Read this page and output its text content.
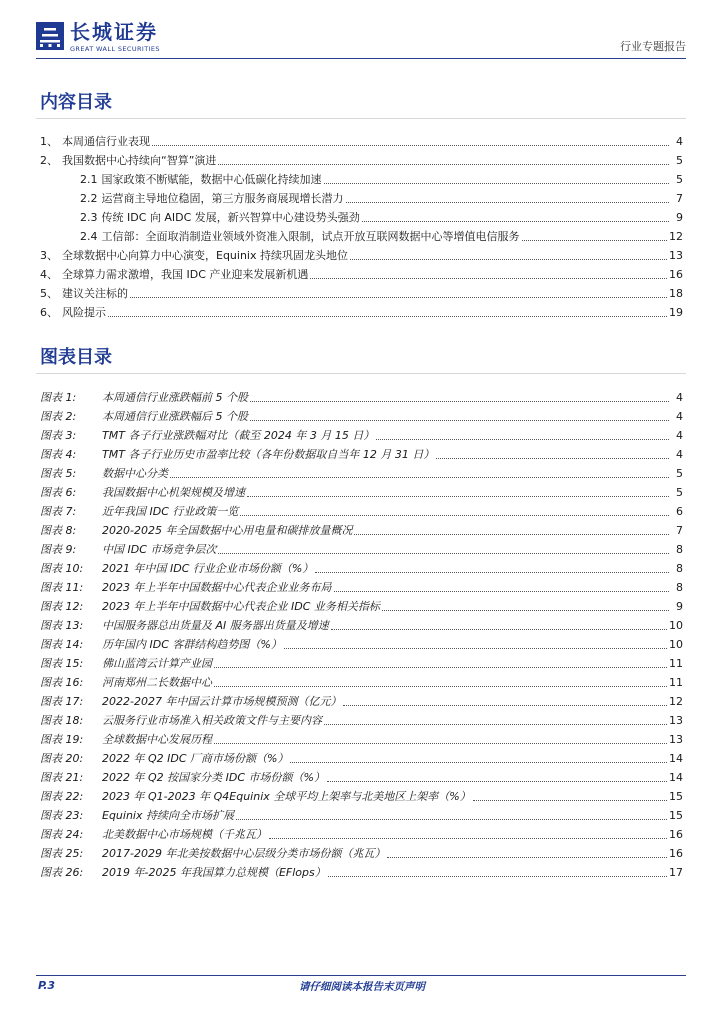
长城证券
GREAT WALL SECURITIES	行业专题报告
内容目录
1、 本周通信行业表现	4
2、 我国数据中心持续向“智算”演进	5
2.1 国家政策不断赋能，数据中心低碳化持续加速	5
2.2 运营商主导地位稳固，第三方服务商展现增长潜力	7
2.3 传统 IDC 向 AIDC 发展，新兴智算中心建设势头强劲	9
2.4 工信部：全面取消制造业领域外资准入限制，试点开放互联网数据中心等增值电信服务	12
3、 全球数据中心向算力中心演变，Equinix 持续巩固龙头地位	13
4、 全球算力需求激增，我国 IDC 产业迎来发展新机遇	16
5、 建议关注标的	18
6、 风险提示	19
图表目录
图表 1:	本周通信行业涨跌幅前 5 个股	4
图表 2:	本周通信行业涨跌幅后 5 个股	4
图表 3:	TMT 各子行业涨跌幅对比（截至 2024 年 3 月 15 日）	4
图表 4:	TMT 各子行业历史市盈率比较（各年份数据取自当年 12 月 31 日）	4
图表 5:	数据中心分类	5
图表 6:	我国数据中心机架规模及增速	5
图表 7:	近年我国 IDC 行业政策一览	6
图表 8:	2020-2025 年全国数据中心用电量和碳排放量概况	7
图表 9:	中国 IDC 市场竞争层次	8
图表 10:	2021 年中国 IDC 行业企业市场份额（%）	8
图表 11:	2023 年上半年中国数据中心代表企业业务布局	8
图表 12:	2023 年上半年中国数据中心代表企业 IDC 业务相关指标	9
图表 13:	中国服务器总出货量及 AI 服务器出货量及增速	10
图表 14:	历年国内 IDC 客群结构趋势图（%）	10
图表 15:	佛山蓝湾云计算产业园	11
图表 16:	河南郑州二长数据中心	11
图表 17:	2022-2027 年中国云计算市场规模预测（亿元）	12
图表 18:	云服务行业市场准入相关政策文件与主要内容	13
图表 19:	全球数据中心发展历程	13
图表 20:	2022 年 Q2 IDC 厂商市场份额（%）	14
图表 21:	2022 年 Q2 按国家分类 IDC 市场份额（%）	14
图表 22:	2023 年 Q1-2023 年 Q4Equinix 全球平均上架率与北美地区上架率（%）	15
图表 23:	Equinix 持续向全市场扩展	15
图表 24:	北美数据中心市场规模（千兆瓦）	16
图表 25:	2017-2029 年北美按数据中心层级分类市场份额（兆瓦）	16
图表 26:	2019 年-2025 年我国算力总规模（EFlops）	17
P.3	请仔细阅读本报告末页声明
